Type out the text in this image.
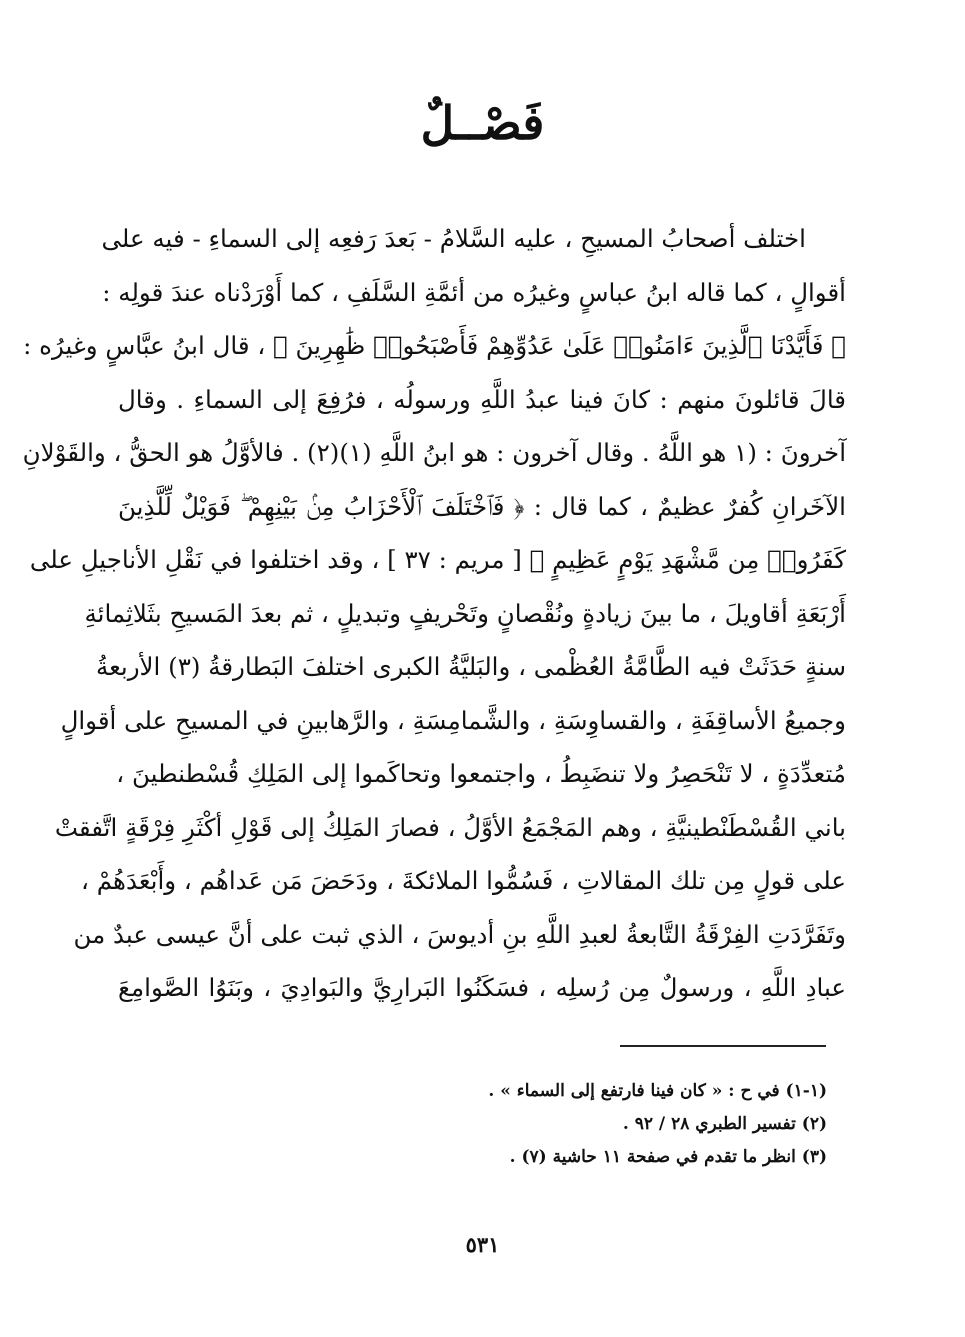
فَصْــلٌ
اختلف أصحابُ المسيحِ ، عليه السَّلامُ - بَعدَ رَفعِه إلى السماءِ - فيه على
أقوالٍ ، كما قاله ابنُ عباسٍ وغيرُه من أئمَّةِ السَّلَفِ ، كما أَوْرَدْناه عندَ قولِه :
﴿ فَأَيَّدْنَا ٱلَّذِينَ ءَامَنُوا۟ عَلَىٰ عَدُوِّهِمْ فَأَصْبَحُوا۟ ظَٰهِرِينَ ﴾ ، قال ابنُ عبَّاسٍ وغيرُه :
قالَ قائلونَ منهم : كانَ فينا عبدُ اللَّهِ ورسولُه ، فرُفِعَ إلى السماءِ . وقال
آخرونَ : (١ هو اللَّهُ . وقال آخرون : هو ابنُ اللَّهِ (١)(٢) . فالأوَّلُ هو الحقُّ ، والقَوْلانِ
الآخَرانِ كُفرٌ عظيمٌ ، كما قال : ﴿ فَٱخْتَلَفَ ٱلْأَحْزَابُ مِنۢ بَيْنِهِمْ ۖ فَوَيْلٌ لِّلَّذِينَ
كَفَرُوا۟ مِن مَّشْهَدِ يَوْمٍ عَظِيمٍ ﴾ [ مريم : ٣٧ ] ، وقد اختلفوا في نَقْلِ الأناجيلِ على
أَرْبَعَةِ أقاويلَ ، ما بينَ زيادةٍ ونُقْصانٍ وتَحْريفٍ وتبديلٍ ، ثم بعدَ المَسيحِ بثَلاثِمائةِ
سنةٍ حَدَثَتْ فيه الطَّامَّةُ العُظْمى ، والبَليَّةُ الكبرى اختلفَ البَطارقةُ (٣) الأربعةُ
وجميعُ الأساقِفَةِ ، والقساوِسَةِ ، والشَّمامِسَةِ ، والرَّهابينِ في المسيحِ على أقوالٍ
مُتعدِّدَةٍ ، لا تَنْحَصِرُ ولا تنضَبِطُ ، واجتمعوا وتحاكَموا إلى المَلِكِ قُسْطنطينَ ،
باني القُسْطَنْطينيَّةِ ، وهم المَجْمَعُ الأوَّلُ ، فصارَ المَلِكُ إلى قَوْلِ أكْثَرِ فِرْقَةٍ اتَّفقتْ
على قولٍ مِن تلك المقالاتِ ، فَسُمُّوا الملائكةَ ، ودَحَضَ مَن عَداهُم ، وأَبْعَدَهُمْ ،
وتَفَرَّدَتِ الفِرْقَةُ التَّابعةُ لعبدِ اللَّهِ بنِ أديوسَ ، الذي ثبت على أنَّ عيسى عبدٌ من
عبادِ اللَّهِ ، ورسولٌ مِن رُسلِه ، فسَكَنُوا البَرارِيَّ والبَوادِيَ ، وبَنَوُا الصَّوامِعَ
(١-١) في ح : « كان فينا فارتفع إلى السماء » .
(٢) تفسير الطبري ٢٨ / ٩٢ .
(٣) انظر ما تقدم في صفحة ١١ حاشية (٧) .
٥٣١
